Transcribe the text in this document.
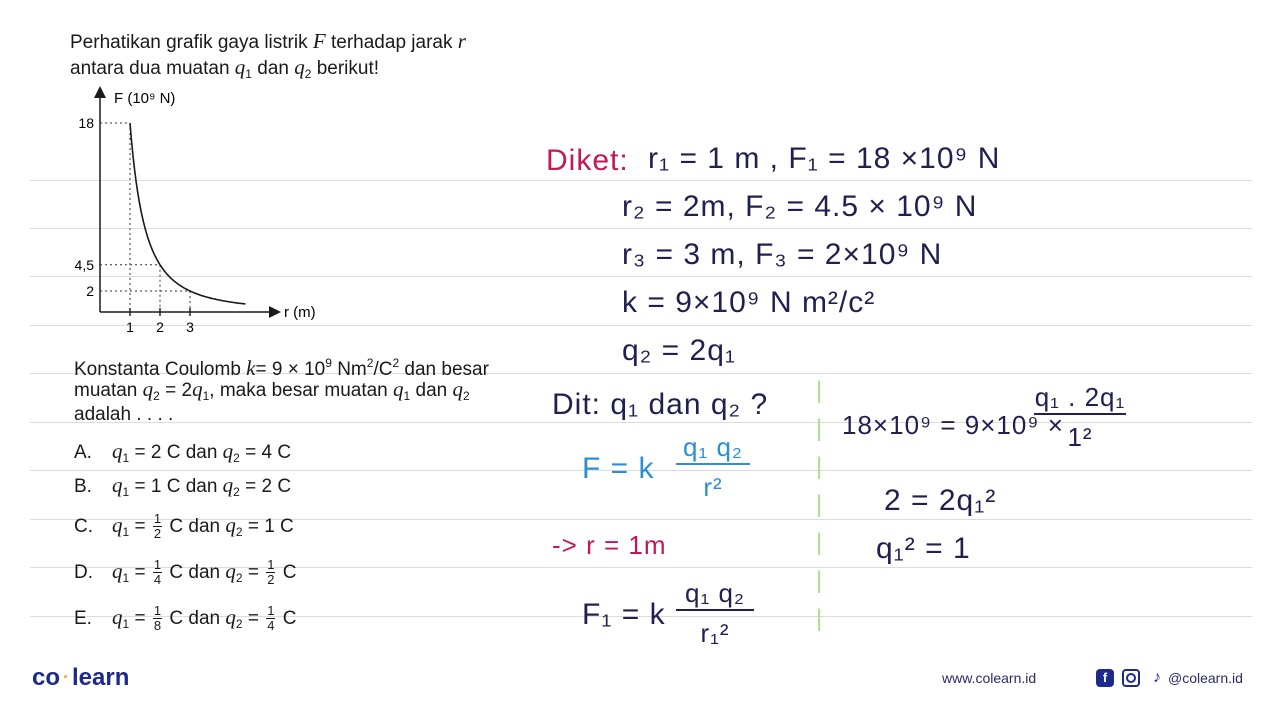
Perhatikan grafik gaya listrik F terhadap jarak r
antara dua muatan $q_1$ dan $q_2$ berikut!
18
1
4,5
2
2
3
F (10⁹ N)
r (m)
Konstanta Coulomb $k= 9 \times 10^9$ $Nm^2/C^2$ dan besar
muatan $q_2 = 2q_1$, maka besar muatan $q_1$ dan $q_2$
adalah . . . .
A. $q_1 = 2$ C dan $q_2 = 4$ C
B. $q_1 = 1$ C dan $q_2 = 2$ C
C. $q_1 = \frac{1}{2}$ C dan $q_2 = 1$ C
D. $q_1 = \frac{1}{4}$ C dan $q_2 = \frac{1}{2}$ C
E. $q_1 = \frac{1}{8}$ C dan $q_2 = \frac{1}{4}$ C
Diket: r₁ = 1 m , F₁ = 18 ×10⁹ N
r₂ = 2m, F₂ = 4.5 × 10⁹ N
r₃ = 3 m, F₃ = 2×10⁹ N
k = 9×10⁹ N m²/c²
q₂ = 2q₁
Dit: q₁ dan q₂ ?
F = k
q₁ q₂
r²
-> r = 1m
F₁ = k
q₁ q₂
r₁²
|
|
|
|
|
|
|
18×10⁹ = 9×10⁹ ×
q₁ . 2q₁
1²
2 = 2q₁²
q₁² = 1
co · learn	www.colearn.id	f	♪ @colearn.id
